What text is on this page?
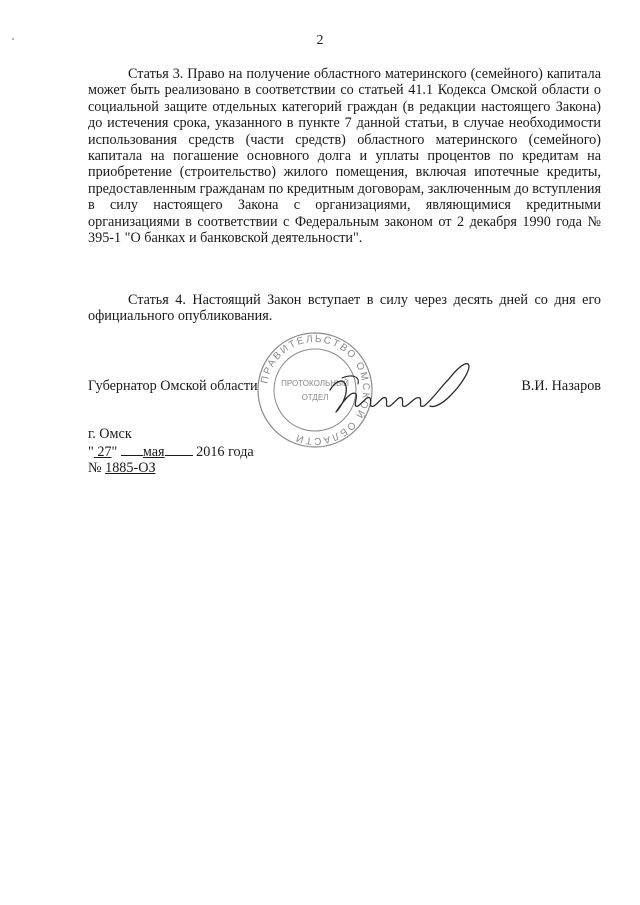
2
Статья 3. Право на получение областного материнского (семейного) капитала может быть реализовано в соответствии со статьей 41.1 Кодекса Омской области о социальной защите отдельных категорий граждан (в редакции настоящего Закона) до истечения срока, указанного в пункте 7 данной статьи, в случае необходимости использования средств (части средств) областного материнского (семейного) капитала на погашение основного долга и уплаты процентов по кредитам на приобретение (строительство) жилого помещения, включая ипотечные кредиты, предоставленным гражданам по кредитным договорам, заключенным до вступления в силу настоящего Закона с организациями, являющимися кредитными организациями в соответствии с Федеральным законом от 2 декабря 1990 года № 395-1 "О банках и банковской деятельности".
Статья 4. Настоящий Закон вступает в силу через десять дней со дня его официального опубликования.
ПРАВИТЕЛЬСТВО ОМСКОЙ ОБЛАСТИ
ПРОТОКОЛЬНЫЙ
ОТДЕЛ
Губернатор Омской области	В.И. Назаров
г. Омск
" 27" мая 2016 года
№ 1885-ОЗ
